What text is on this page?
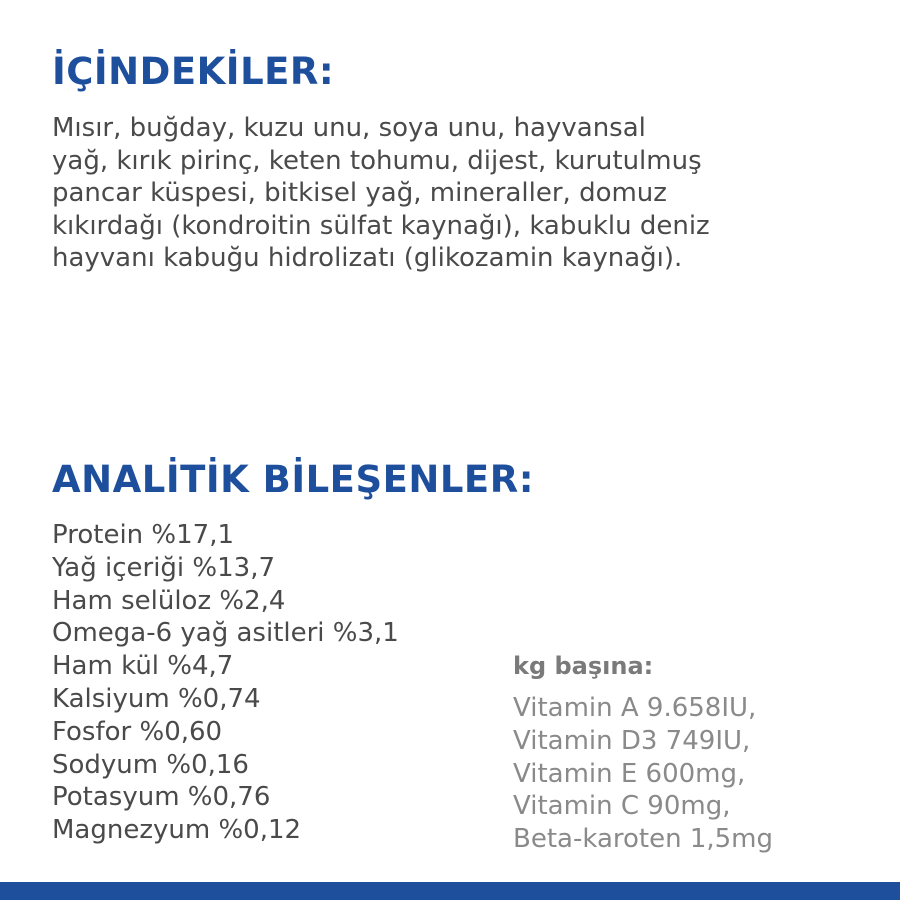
İÇİNDEKİLER:

Mısır, buğday, kuzu unu, soya unu, hayvansal
yağ, kırık pirinç, keten tohumu, dijest, kurutulmuş
pancar küspesi, bitkisel yağ, mineraller, domuz
kıkırdağı (kondroitin sülfat kaynağı), kabuklu deniz
hayvanı kabuğu hidrolizatı (glikozamin kaynağı).

ANALİTİK BİLEŞENLER:
Protein %17,1
Yağ içeriği %13,7
Ham selüloz %2,4
Omega-6 yağ asitleri %3,1
Ham kül %4,7
Kalsiyum %0,74
Fosfor %0,60
Sodyum %0,16
Potasyum %0,76
Magnezyum %0,12
kg başına:
Vitamin A 9.658IU,
Vitamin D3 749IU,
Vitamin E 600mg,
Vitamin C 90mg,
Beta-karoten 1,5mg
